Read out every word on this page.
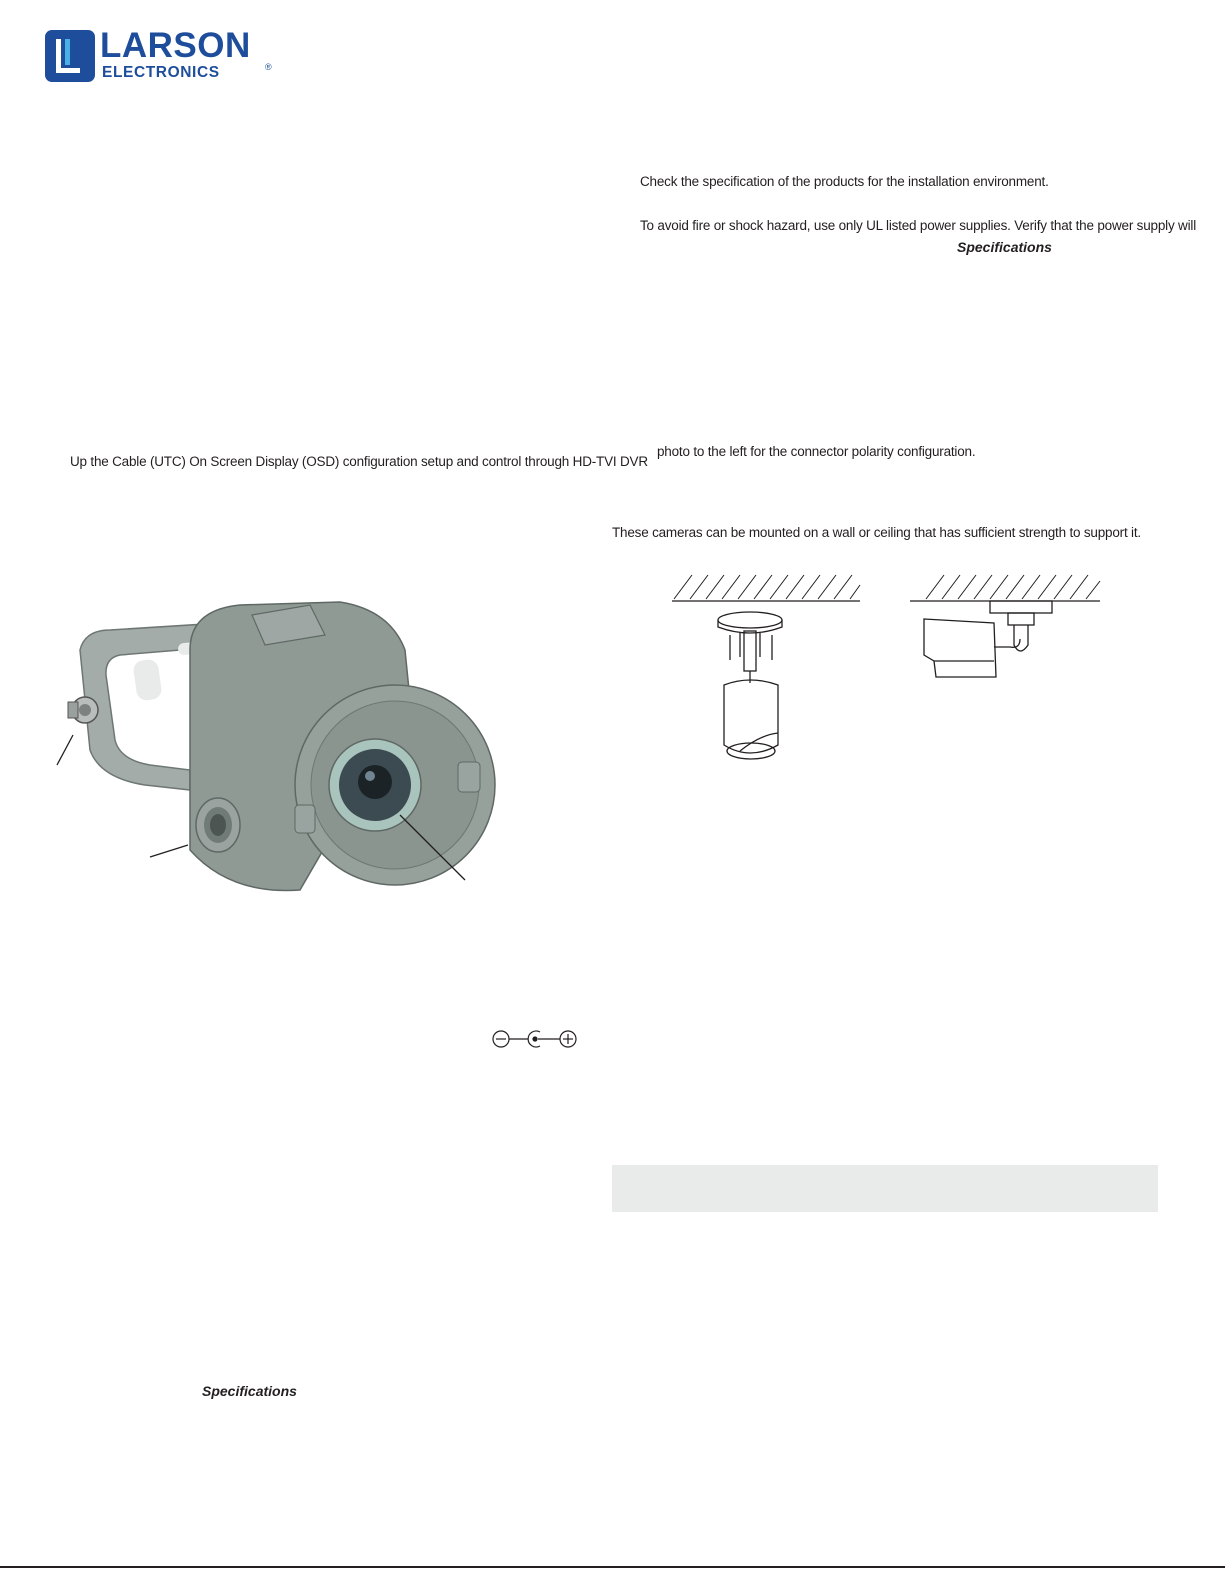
LARSON
ELECTRONICS	®
Check the specification of the products for the installation environment.
To avoid fire or shock hazard, use only UL listed power supplies. Verify that the power supply will
Specifications
photo to the left for the connector polarity configuration.
These cameras can be mounted on a wall or ceiling that has sufficient strength to support it.
Up the Cable (UTC) On Screen Display (OSD) configuration setup and control through HD-TVI DVR
Specifications
